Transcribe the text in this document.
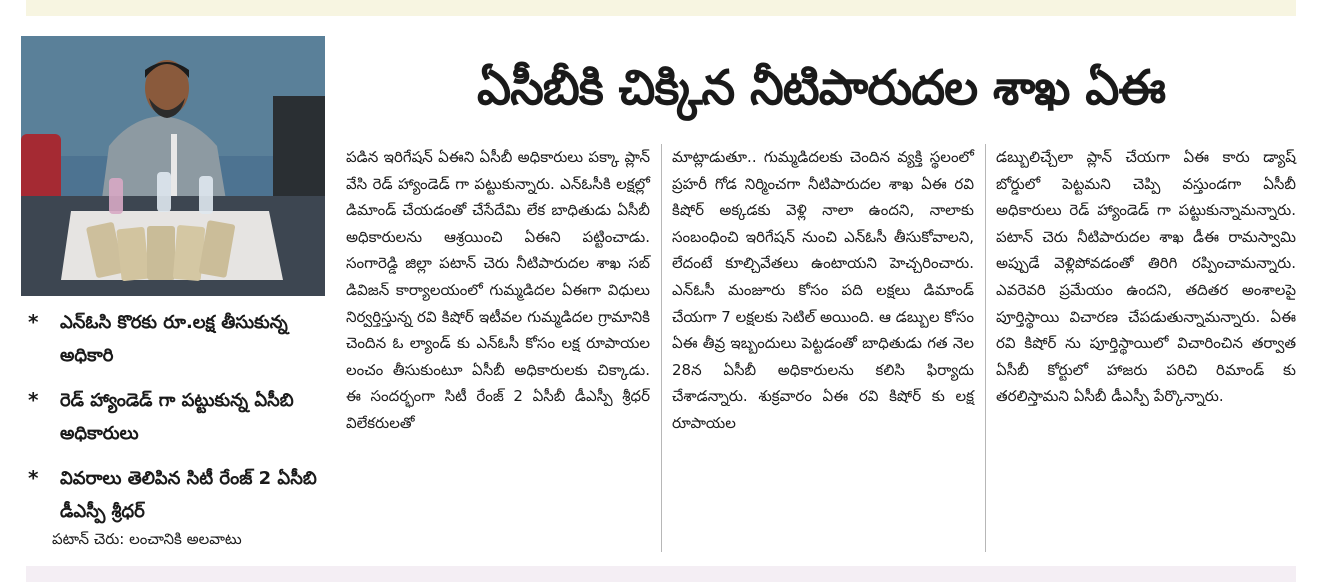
ఏసీబీకి చిక్కిన నీటిపారుదల శాఖ ఏఈ
* ఎన్ఓసి కొరకు రూ.లక్ష తీసుకున్న అధికారి
* రెడ్ హ్యాండెడ్ గా పట్టుకున్న ఏసీబి అధికారులు
* వివరాలు తెలిపిన సిటీ రేంజ్ 2 ఏసీబి డీఎస్పీ శ్రీధర్
పటాన్ చెరు: లంచానికి అలవాటు

పడిన ఇరిగేషన్ ఏఈని ఏసీబీ అధికారులు పక్కా ప్లాన్ వేసి రెడ్ హ్యాండెడ్ గా పట్టుకున్నారు. ఎన్ఓసీకి లక్షల్లో డిమాండ్ చేయడంతో చేసేదేమి లేక బాధితుడు ఏసీబీ అధికారులను ఆశ్రయించి ఏఈని పట్టించాడు. సంగారెడ్డి జిల్లా పటాన్ చెరు నీటిపారుదల శాఖ సబ్ డివిజన్ కార్యాలయంలో గుమ్మడిదల ఏఈగా విధులు నిర్వర్తిస్తున్న రవి కిషోర్ ఇటీవల గుమ్మడిదల గ్రామానికి చెందిన ఓ ల్యాండ్ కు ఎన్ఓసీ కోసం లక్ష రూపాయల లంచం తీసుకుంటూ ఏసీబీ అధికారులకు చిక్కాడు. ఈ సందర్భంగా సిటీ రేంజ్ 2 ఏసీబీ డీఎస్పీ శ్రీధర్ విలేకరులతో

మాట్లాడుతూ.. గుమ్మడిదలకు చెందిన వ్యక్తి స్థలంలో ప్రహరీ గోడ నిర్మించగా నీటిపారుదల శాఖ ఏఈ రవి కిషోర్ అక్కడకు వెళ్లి నాలా ఉందని, నాలాకు సంబంధించి ఇరిగేషన్ నుంచి ఎన్ఓసీ తీసుకోవాలని, లేదంటే కూల్చివేతలు ఉంటాయని హెచ్చరించారు. ఎన్ఓసీ మంజూరు కోసం పది లక్షలు డిమాండ్ చేయగా 7 లక్షలకు సెటిల్ అయింది. ఆ డబ్బుల కోసం ఏఈ తీవ్ర ఇబ్బందులు పెట్టడంతో బాధితుడు గత నెల 28న ఏసీబీ అధికారులను కలిసి ఫిర్యాదు చేశాడన్నారు. శుక్రవారం ఏఈ రవి కిషోర్ కు లక్ష రూపాయల

డబ్బులిచ్చేలా ప్లాన్ చేయగా ఏఈ కారు డ్యాష్ బోర్డులో పెట్టమని చెప్పి వస్తుండగా ఏసీబీ అధికారులు రెడ్ హ్యాండెడ్ గా పట్టుకున్నామన్నారు. పటాన్ చెరు నీటిపారుదల శాఖ డీఈ రామస్వామి అప్పుడే వెళ్లిపోవడంతో తిరిగి రప్పించామన్నారు. ఎవరెవరి ప్రమేయం ఉందని, తదితర అంశాలపై పూర్తిస్థాయి విచారణ చేపడుతున్నామన్నారు. ఏఈ రవి కిషోర్ ను పూర్తిస్థాయిలో విచారించిన తర్వాత ఏసీబీ కోర్టులో హాజరు పరిచి రిమాండ్ కు తరలిస్తామని ఏసీబీ డీఎస్పీ పేర్కొన్నారు.
